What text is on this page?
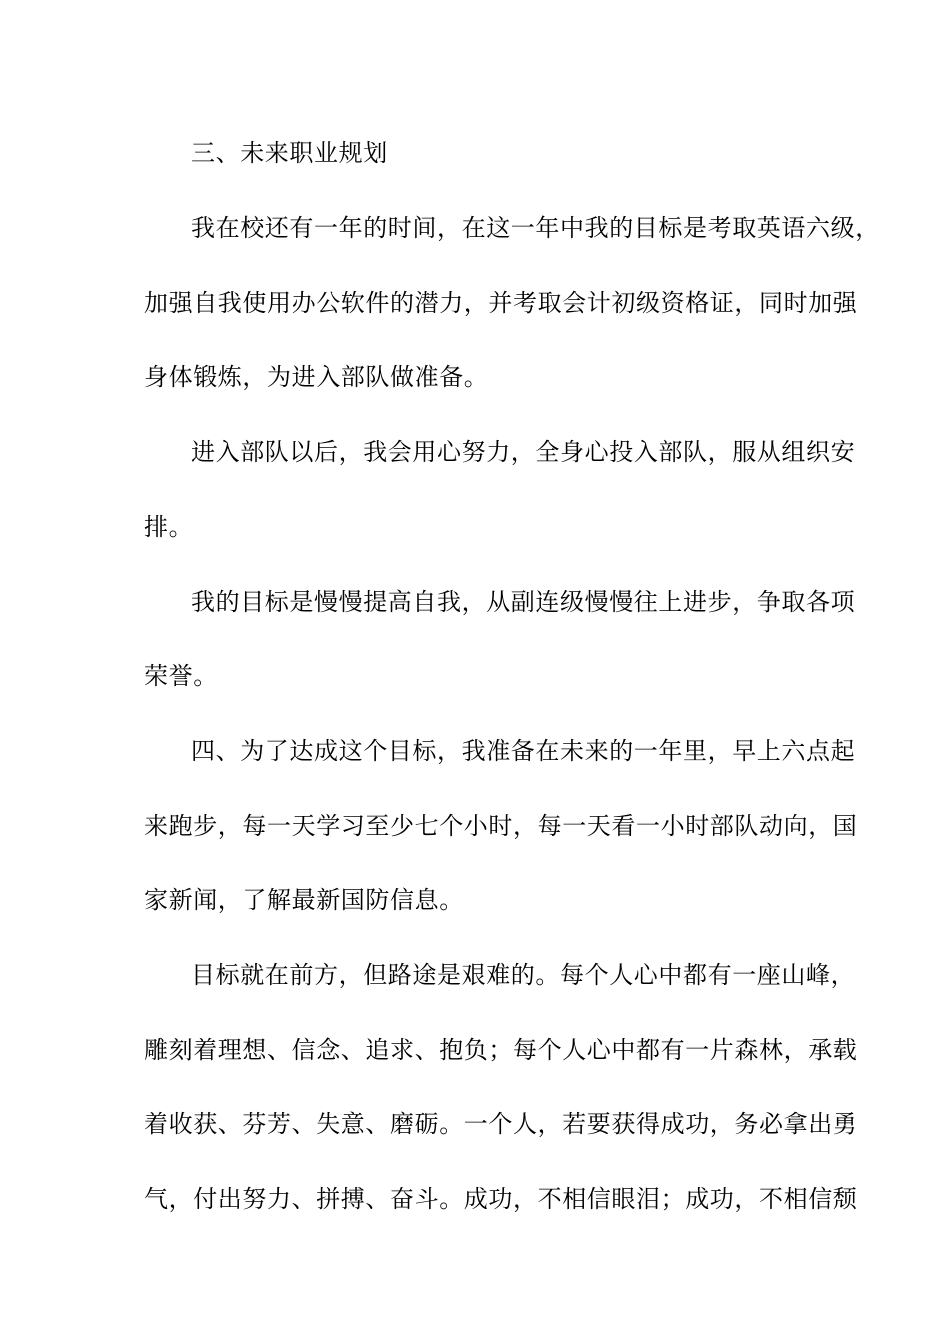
三、未来职业规划
我在校还有一年的时间，在这一年中我的目标是考取英语六级，
加强自我使用办公软件的潜力，并考取会计初级资格证，同时加强
身体锻炼，为进入部队做准备。
进入部队以后，我会用心努力，全身心投入部队，服从组织安
排。
我的目标是慢慢提高自我，从副连级慢慢往上进步，争取各项
荣誉。
四、为了达成这个目标，我准备在未来的一年里，早上六点起
来跑步，每一天学习至少七个小时，每一天看一小时部队动向，国
家新闻，了解最新国防信息。
目标就在前方，但路途是艰难的。每个人心中都有一座山峰，
雕刻着理想、信念、追求、抱负；每个人心中都有一片森林，承载
着收获、芬芳、失意、磨砺。一个人，若要获得成功，务必拿出勇
气，付出努力、拼搏、奋斗。成功，不相信眼泪；成功，不相信颓
